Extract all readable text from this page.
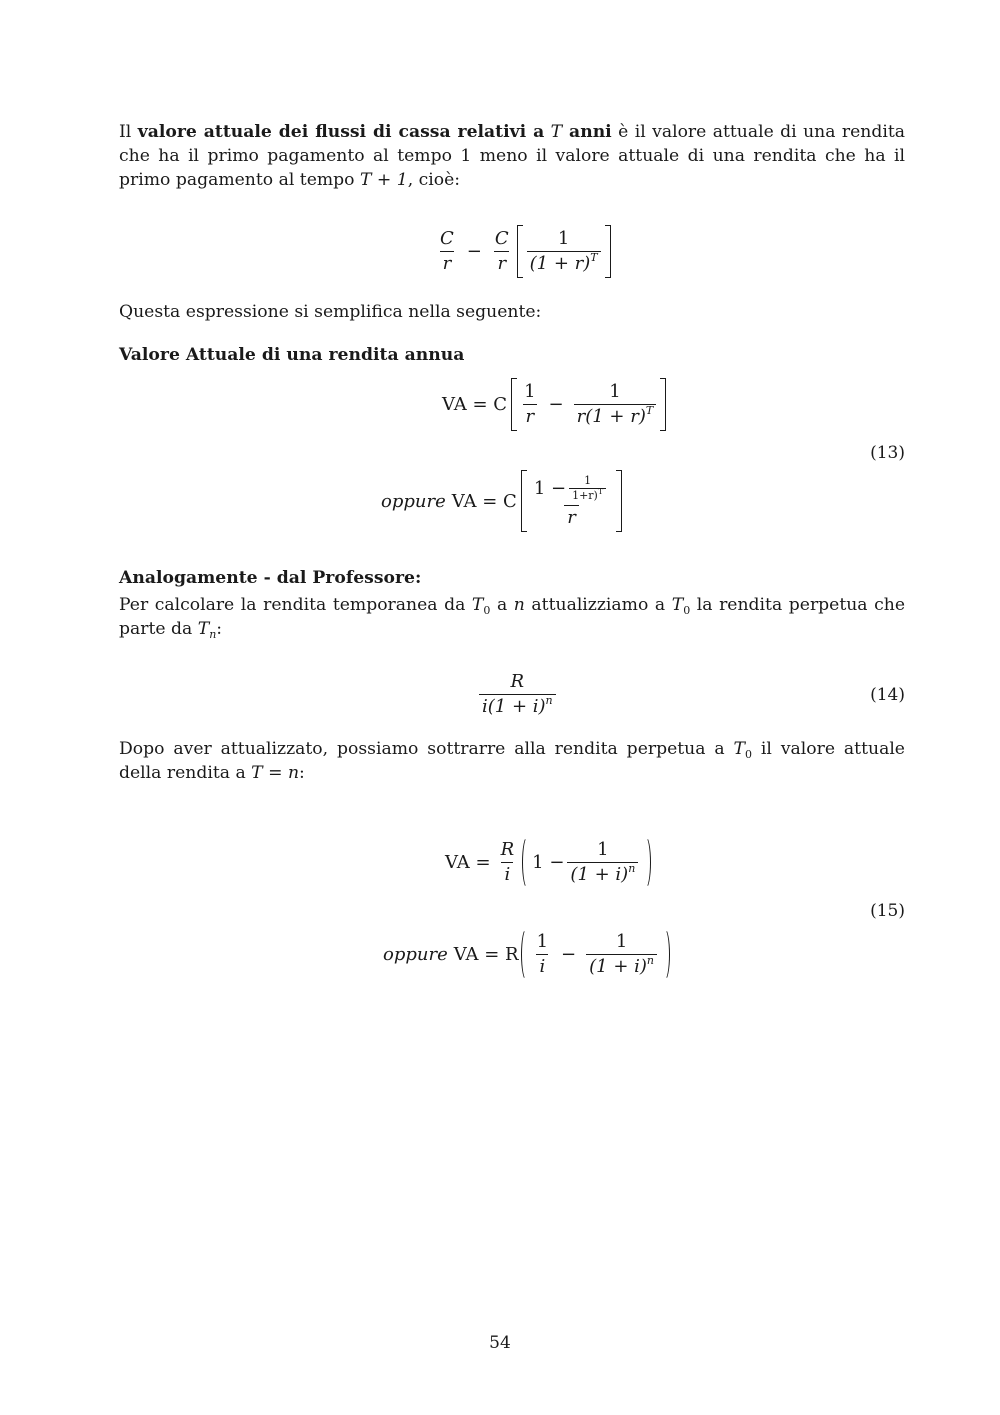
Il valore attuale dei flussi di cassa relativi a T anni è il valore attuale di una rendita che ha il primo pagamento al tempo 1 meno il valore attuale di una rendita che ha il primo pagamento al tempo T + 1, cioè:

$\frac{C}{r} - \frac{C}{r} \frac{1}{(1 + r)^T}$

Questa espressione si semplifica nella seguente:

Valore Attuale di una rendita annua

VA = C $\frac{1}{r} - \frac{1}{r(1 + r)^T}$
(13)
oppure VA = C $\frac{1 - \frac{1}{1+r)^T}}{r}$

Analogamente - dal Professore:

Per calcolare la rendita temporanea da $T_0$ a n attualizziamo a $T_0$ la rendita perpetua che parte da $T_n$:

$\frac{R}{i(1 + i)^n}$	(14)

Dopo aver attualizzato, possiamo sottrarre alla rendita perpetua a $T_0$ il valore attuale della rendita a T = n:

VA = $\frac{R}{i} 1 - \frac{1}{(1 + i)^n}$
(15)
oppure VA = R $\frac{1}{i} - \frac{1}{(1 + i)^n}$
54
